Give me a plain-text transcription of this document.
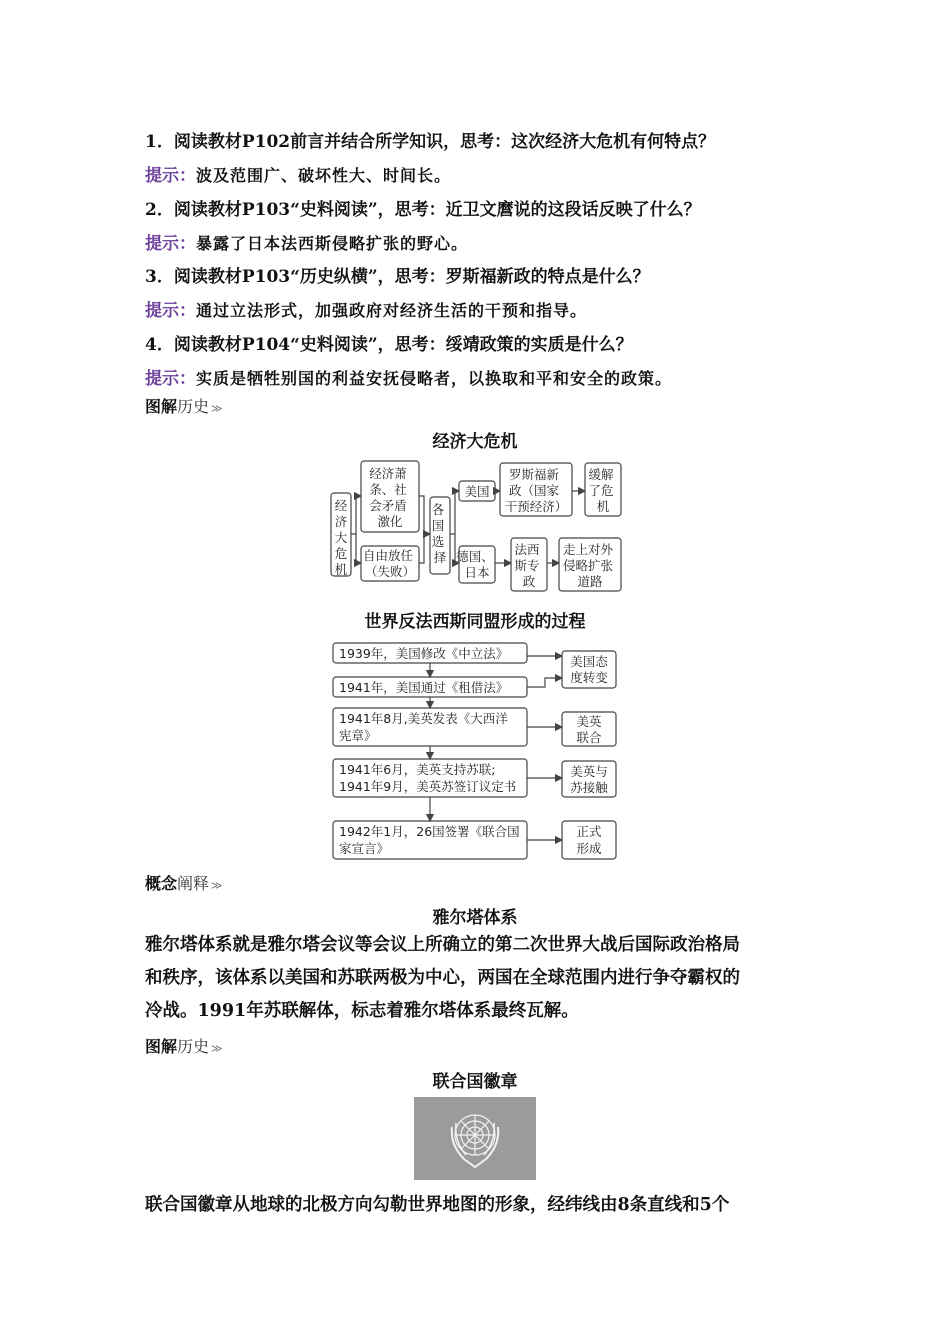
1．阅读教材P102前言并结合所学知识，思考：这次经济大危机有何特点？
提示：波及范围广、破坏性大、时间长。
2．阅读教材P103“史料阅读”，思考：近卫文麿说的这段话反映了什么？
提示：暴露了日本法西斯侵略扩张的野心。
3．阅读教材P103“历史纵横”，思考：罗斯福新政的特点是什么？
提示：通过立法形式，加强政府对经济生活的干预和指导。
4．阅读教材P104“史料阅读”，思考：绥靖政策的实质是什么？
提示：实质是牺牲别国的利益安抚侵略者，以换取和平和安全的政策。
图解历史 ≫
经济大危机
经济大危机
经济萧 条、社 会矛盾 激化
自由放任 （失败）
各 国 选 择
美国
罗斯福新 政（国家 干预经济）
缓解 了危 机
德国、 日本
法西 斯专 政
走上对外 侵略扩张 道路
1939年，美国修改《中立法》
1941年，美国通过《租借法》
1941年8月,美英发表《大西洋宪章》
1941年6月，美英支持苏联; 1941年9月，美英苏签订议定书
1942年1月，26国签署《联合国家宣言》
美国态度转变
美英联合
美英与苏接触
正式形成
世界反法西斯同盟形成的过程
概念阐释 ≫
雅尔塔体系
雅尔塔体系就是雅尔塔会议等会议上所确立的第二次世界大战后国际政治格局
和秩序，该体系以美国和苏联两极为中心，两国在全球范围内进行争夺霸权的
冷战。1991年苏联解体，标志着雅尔塔体系最终瓦解。
图解历史 ≫
联合国徽章
联合国徽章从地球的北极方向勾勒世界地图的形象，经纬线由8条直线和5个
